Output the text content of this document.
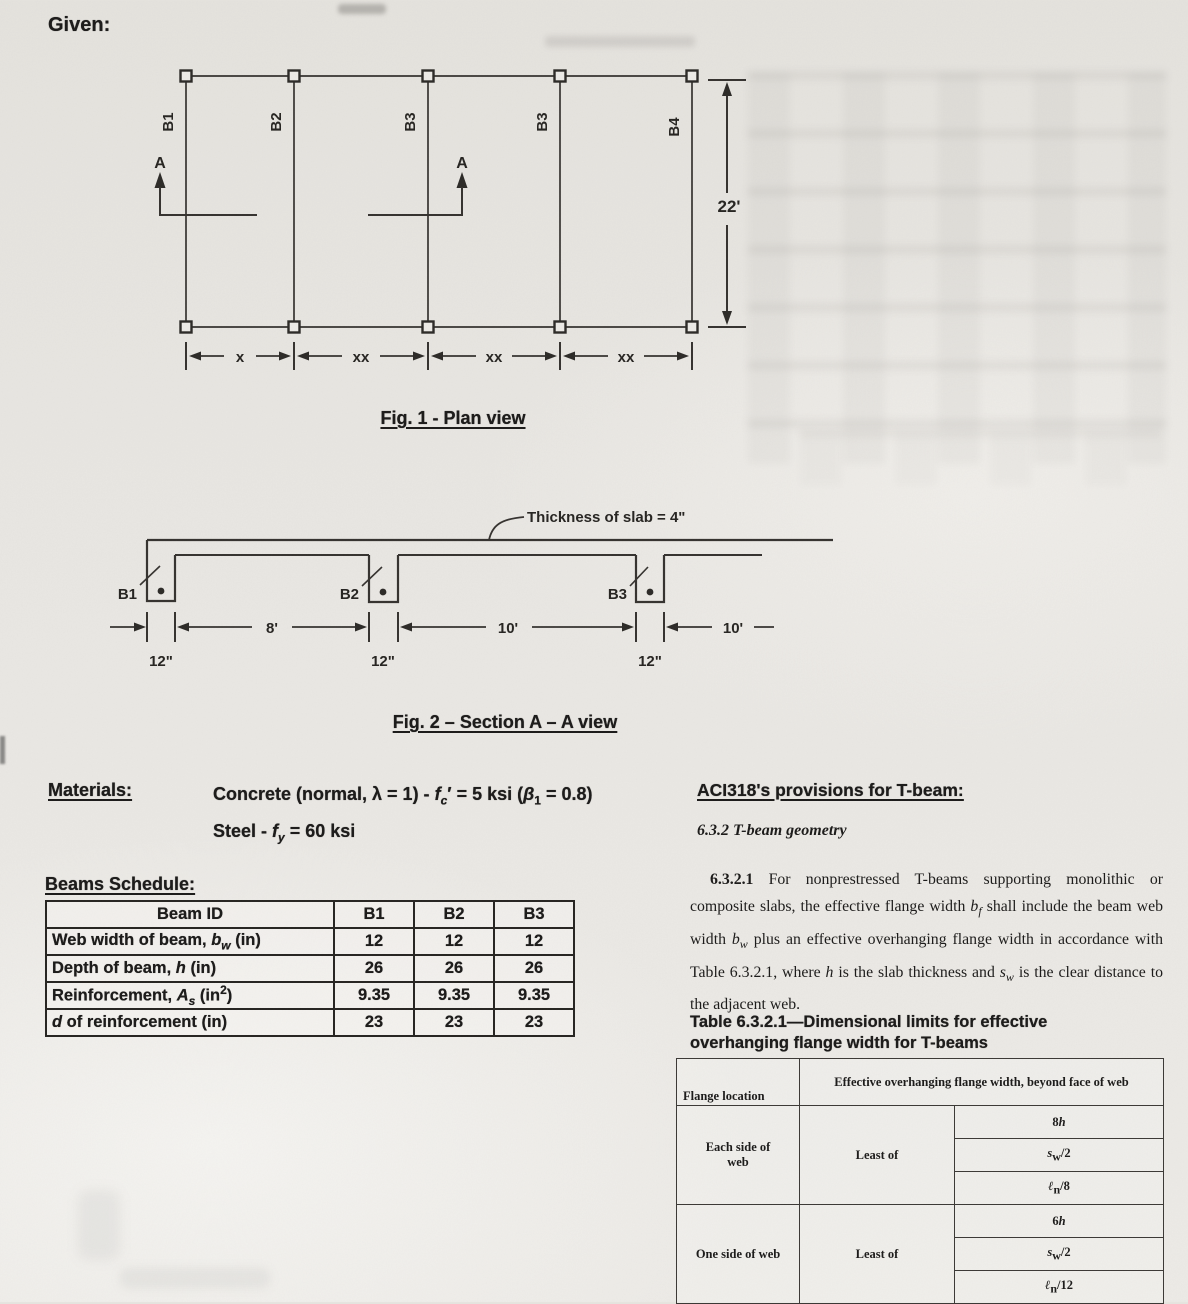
Given:
B1	B2	B3	B3	B4
A	A
22'
x	xx	xx	xx
Fig. 1 - Plan view
B1	B2	B3
Thickness of slab = 4"
8'	10'	10'
12"	12"	12"
Fig. 2 – Section A – A view
Materials:	Concrete (normal, $\lambda = 1) - f_c' = 5$ ksi $(\beta_1 = 0.8)$
Steel - $f_y = 60$ ksi
Beams Schedule:
Beam ID	B1	B2	B3
Web width of beam, $b_w$ (in)	12	12	12
Depth of beam, h (in)	26	26	26
Reinforcement, $A_s$ $(in^2)$	9.35	9.35	9.35
d of reinforcement (in)	23	23	23
ACI318's provisions for T-beam:
6.3.2 T-beam geometry
6.3.2.1 For nonprestressed T-beams supporting monolithic or composite slabs, the effective flange width $b_f$ shall include the beam web width $b_w$ plus an effective overhanging flange width in accordance with Table 6.3.2.1, where h is the slab thickness and $s_w$ is the clear distance to the adjacent web.
Table 6.3.2.1—Dimensional limits for effective
overhanging flange width for T-beams
Flange location	Effective overhanging flange width, beyond face of web	

Each side of
web	Least of	8h
		$s_w/2$
		ℓ$_n$/8
One side of web	Least of	6h
		$s_w/2$
		ℓ$_n$/12
